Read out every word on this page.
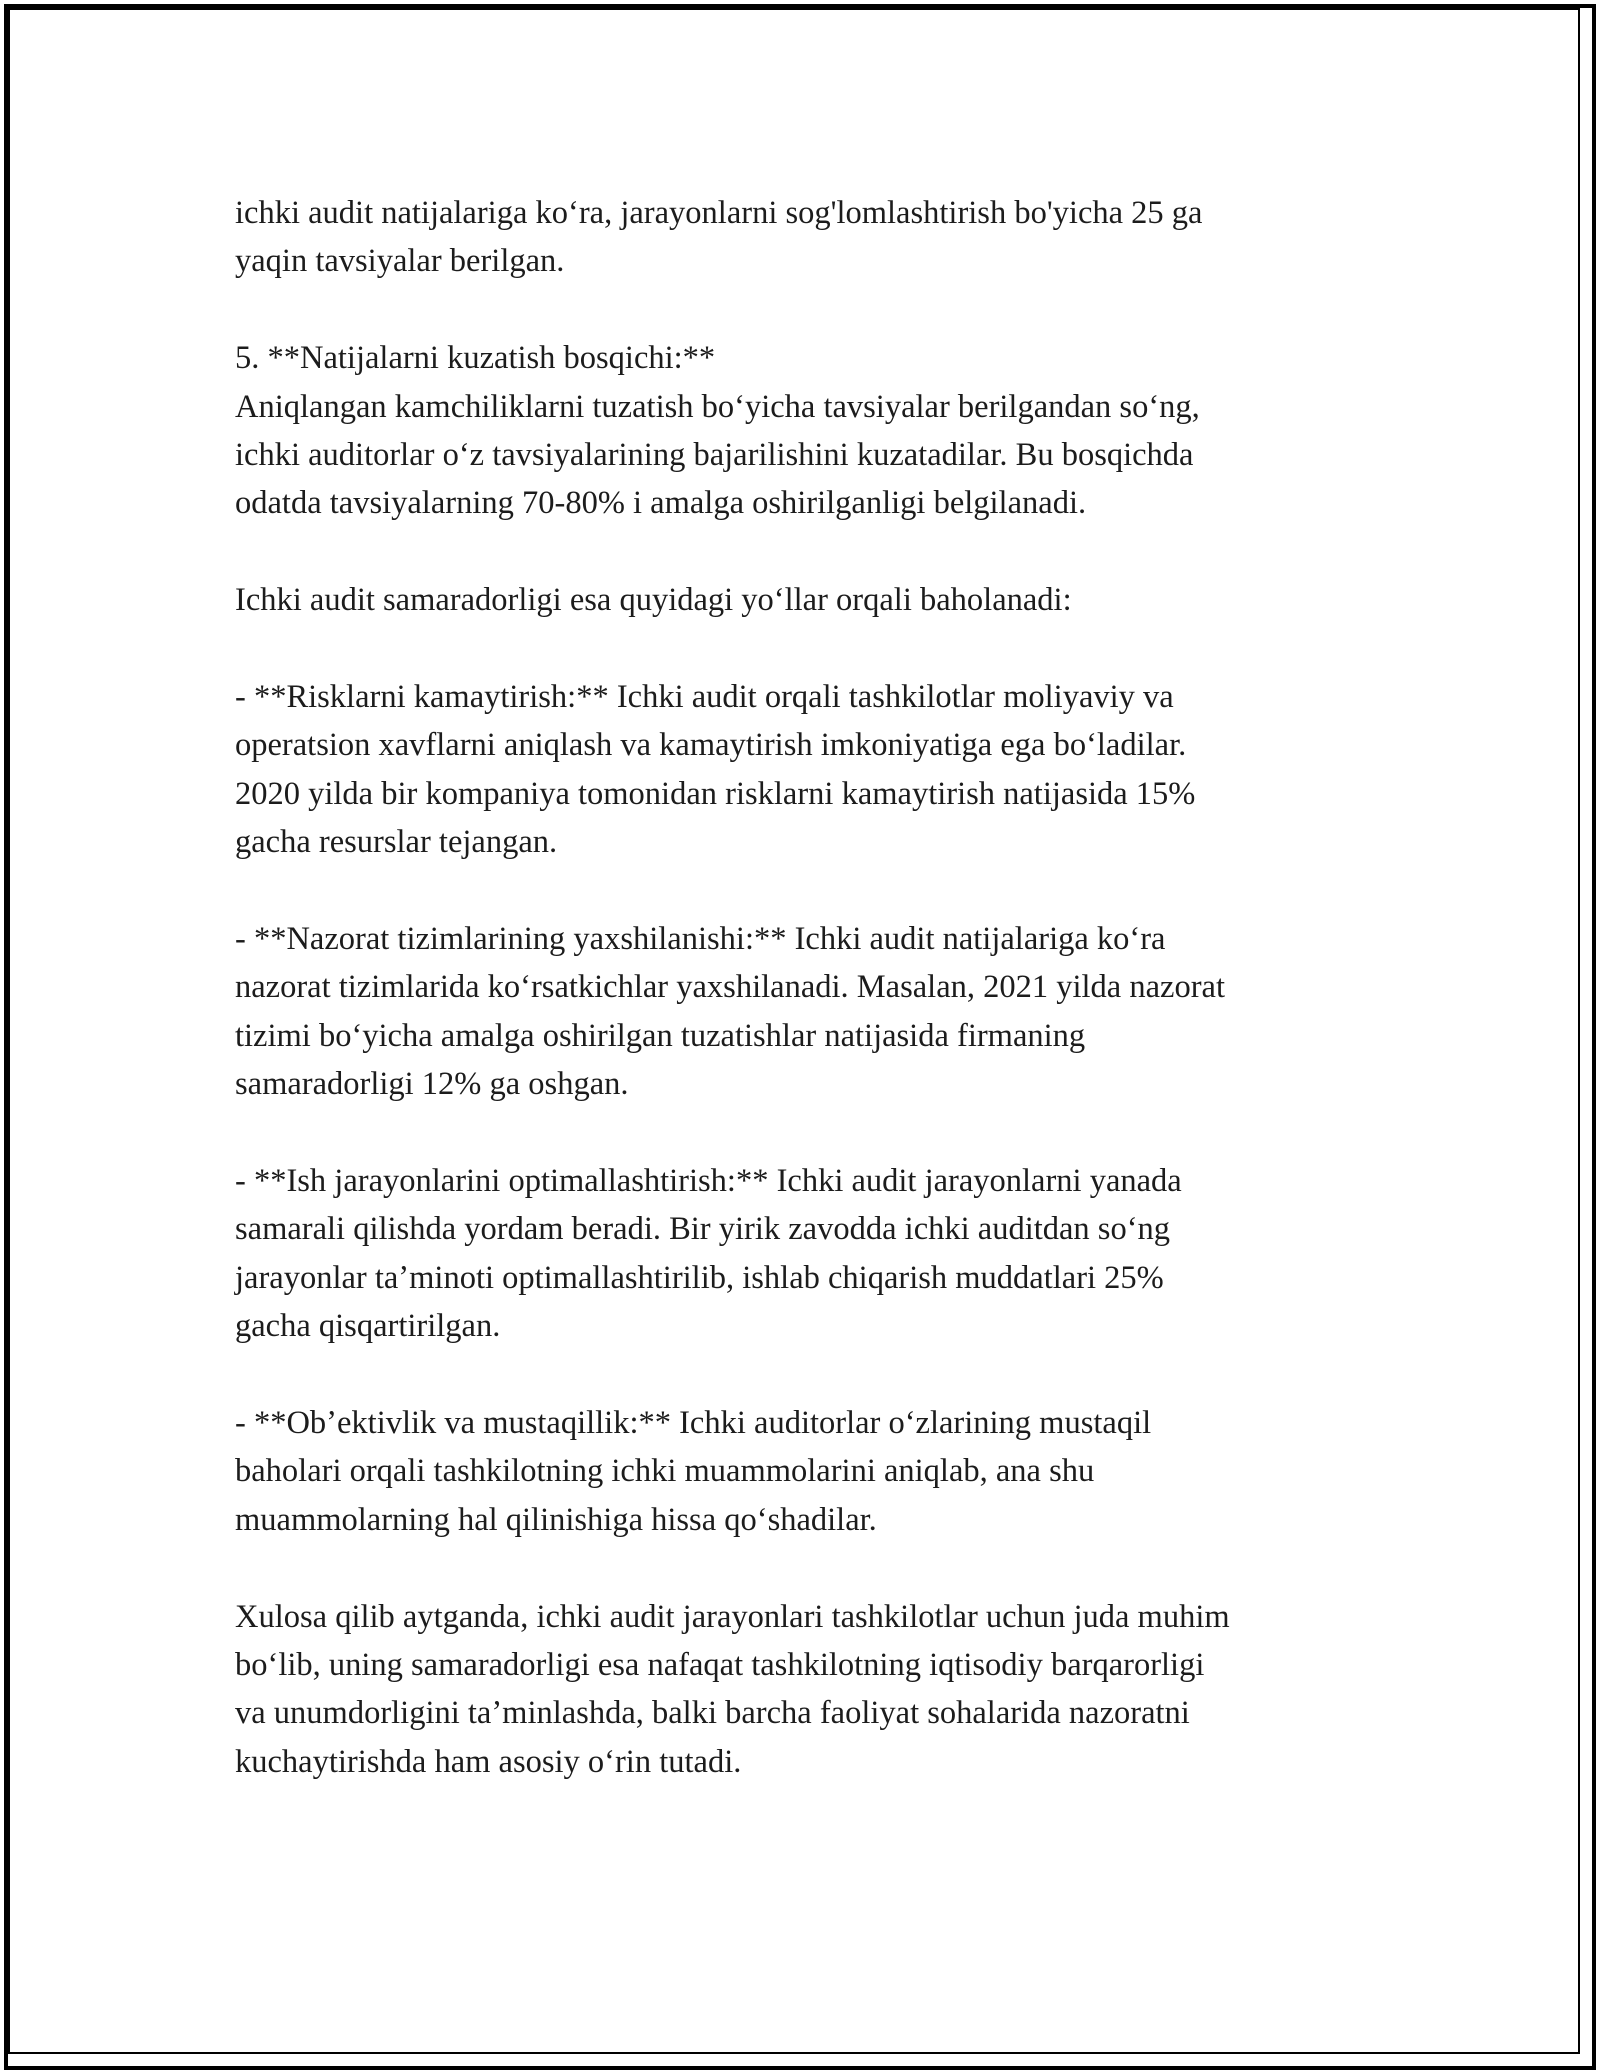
ichki audit natijalariga koʻra, jarayonlarni sog'lomlashtirish bo'yicha 25 ga
yaqin tavsiyalar berilgan.

5. **Natijalarni kuzatish bosqichi:**
Aniqlangan kamchiliklarni tuzatish boʻyicha tavsiyalar berilgandan soʻng,
ichki auditorlar oʻz tavsiyalarining bajarilishini kuzatadilar. Bu bosqichda
odatda tavsiyalarning 70-80% i amalga oshirilganligi belgilanadi.

Ichki audit samaradorligi esa quyidagi yoʻllar orqali baholanadi:

- **Risklarni kamaytirish:** Ichki audit orqali tashkilotlar moliyaviy va
operatsion xavflarni aniqlash va kamaytirish imkoniyatiga ega boʻladilar.
2020 yilda bir kompaniya tomonidan risklarni kamaytirish natijasida 15%
gacha resurslar tejangan.

- **Nazorat tizimlarining yaxshilanishi:** Ichki audit natijalariga koʻra
nazorat tizimlarida koʻrsatkichlar yaxshilanadi. Masalan, 2021 yilda nazorat
tizimi boʻyicha amalga oshirilgan tuzatishlar natijasida firmaning
samaradorligi 12% ga oshgan.

- **Ish jarayonlarini optimallashtirish:** Ichki audit jarayonlarni yanada
samarali qilishda yordam beradi. Bir yirik zavodda ichki auditdan soʻng
jarayonlar taʼminoti optimallashtirilib, ishlab chiqarish muddatlari 25%
gacha qisqartirilgan.

- **Obʼektivlik va mustaqillik:** Ichki auditorlar oʻzlarining mustaqil
baholari orqali tashkilotning ichki muammolarini aniqlab, ana shu
muammolarning hal qilinishiga hissa qoʻshadilar.

Xulosa qilib aytganda, ichki audit jarayonlari tashkilotlar uchun juda muhim
boʻlib, uning samaradorligi esa nafaqat tashkilotning iqtisodiy barqarorligi
va unumdorligini taʼminlashda, balki barcha faoliyat sohalarida nazoratni
kuchaytirishda ham asosiy oʻrin tutadi.
